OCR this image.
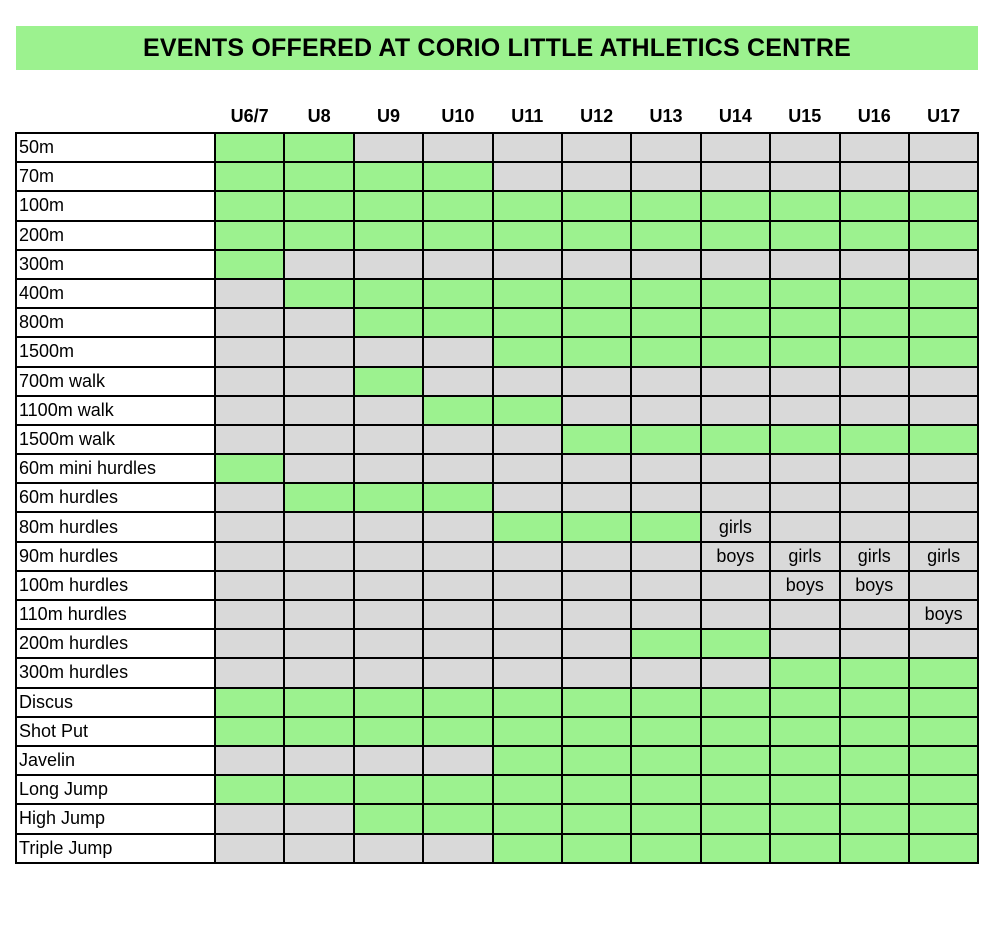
EVENTS OFFERED AT CORIO LITTLE ATHLETICS CENTRE
U6/7	U8	U9	U10	U11	U12	U13	U14	U15	U16	U17
50m											
70m											
100m											
200m											
300m											
400m											
800m											
1500m											
700m walk											
1100m walk											
1500m walk											
60m mini hurdles											
60m hurdles											
80m hurdles								girls			
90m hurdles								boys	girls	girls	girls
100m hurdles									boys	boys	
110m hurdles											boys
200m hurdles											
300m hurdles											
Discus											
Shot Put											
Javelin											
Long Jump											
High Jump											
Triple Jump											
